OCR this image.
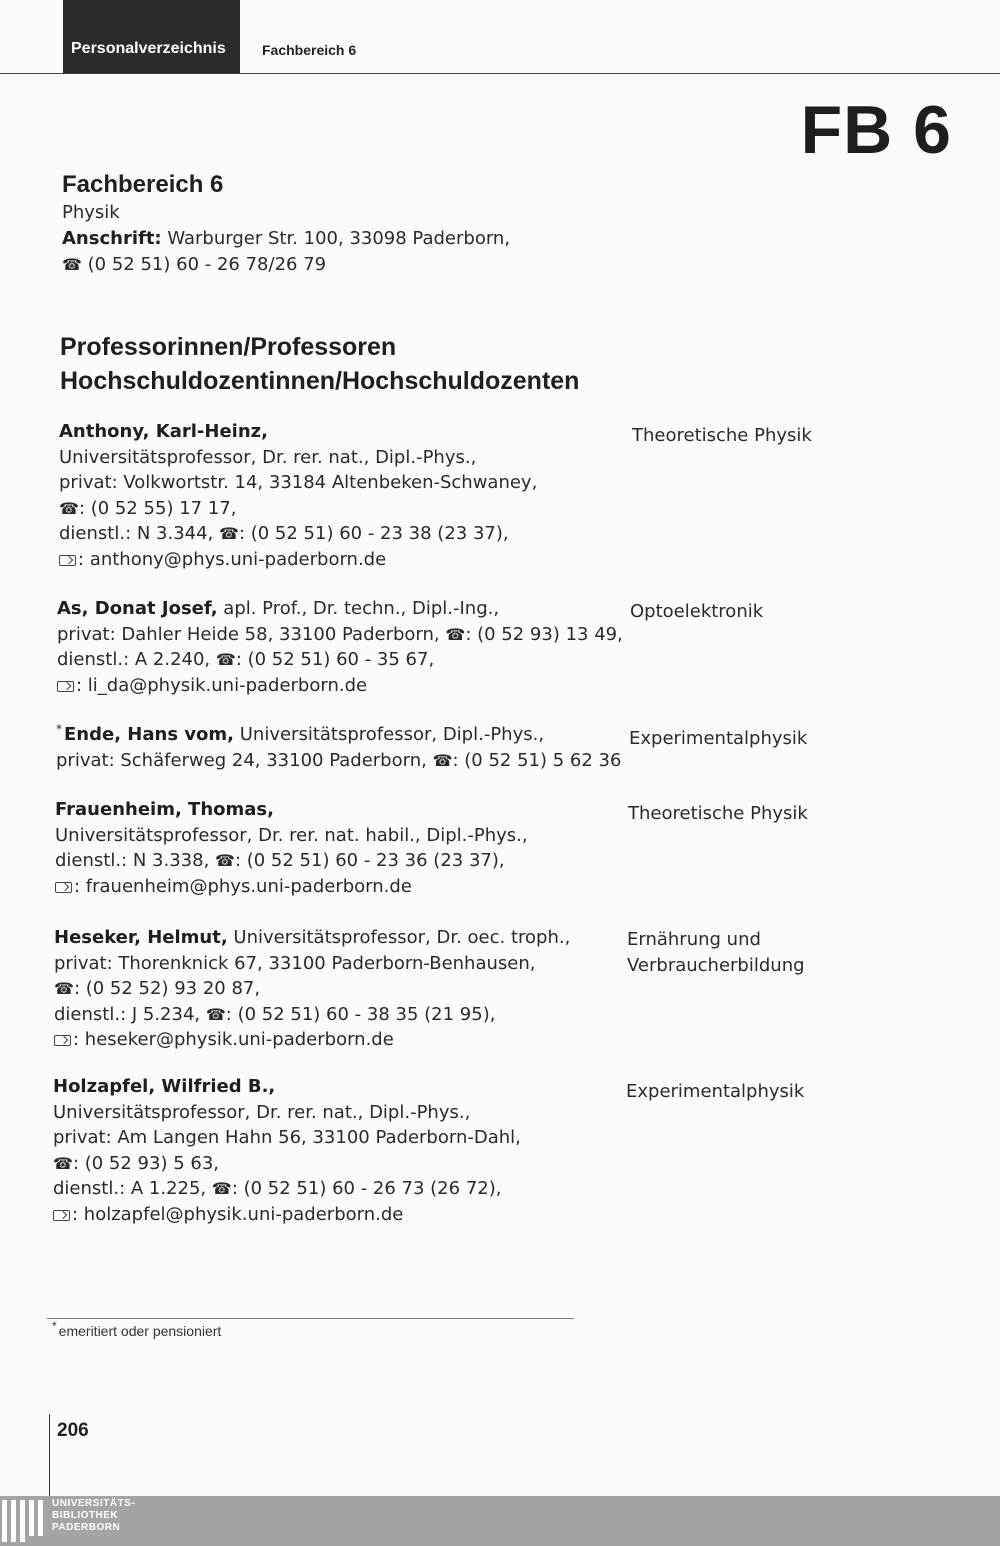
Personalverzeichnis	Fachbereich 6
FB 6
Fachbereich 6
Physik
Anschrift: Warburger Str. 100, 33098 Paderborn,
☎ (0 52 51) 60 - 26 78/26 79
Professorinnen/Professoren
Hochschuldozentinnen/Hochschuldozenten
Anthony, Karl-Heinz,
Universitätsprofessor, Dr. rer. nat., Dipl.-Phys.,
privat: Volkwortstr. 14, 33184 Altenbeken-Schwaney,
☎: (0 52 55) 17 17,
dienstl.: N 3.344, ☎: (0 52 51) 60 - 23 38 (23 37),
: anthony@phys.uni-paderborn.de
Theoretische Physik
As, Donat Josef, apl. Prof., Dr. techn., Dipl.-Ing.,
privat: Dahler Heide 58, 33100 Paderborn, ☎: (0 52 93) 13 49,
dienstl.: A 2.240, ☎: (0 52 51) 60 - 35 67,
: li_da@physik.uni-paderborn.de
Optoelektronik
* Ende, Hans vom, Universitätsprofessor, Dipl.-Phys.,
privat: Schäferweg 24, 33100 Paderborn, ☎: (0 52 51) 5 62 36
Experimentalphysik
Frauenheim, Thomas,
Universitätsprofessor, Dr. rer. nat. habil., Dipl.-Phys.,
dienstl.: N 3.338, ☎: (0 52 51) 60 - 23 36 (23 37),
: frauenheim@phys.uni-paderborn.de
Theoretische Physik
Heseker, Helmut, Universitätsprofessor, Dr. oec. troph.,
privat: Thorenknick 67, 33100 Paderborn-Benhausen,
☎: (0 52 52) 93 20 87,
dienstl.: J 5.234, ☎: (0 52 51) 60 - 38 35 (21 95),
: heseker@physik.uni-paderborn.de
Ernährung und
Verbraucherbildung
Holzapfel, Wilfried B.,
Universitätsprofessor, Dr. rer. nat., Dipl.-Phys.,
privat: Am Langen Hahn 56, 33100 Paderborn-Dahl,
☎: (0 52 93) 5 63,
dienstl.: A 1.225, ☎: (0 52 51) 60 - 26 73 (26 72),
: holzapfel@physik.uni-paderborn.de
Experimentalphysik
* emeritiert oder pensioniert
206
UNIVERSITÄTS-
BIBLIOTHEK
PADERBORN
